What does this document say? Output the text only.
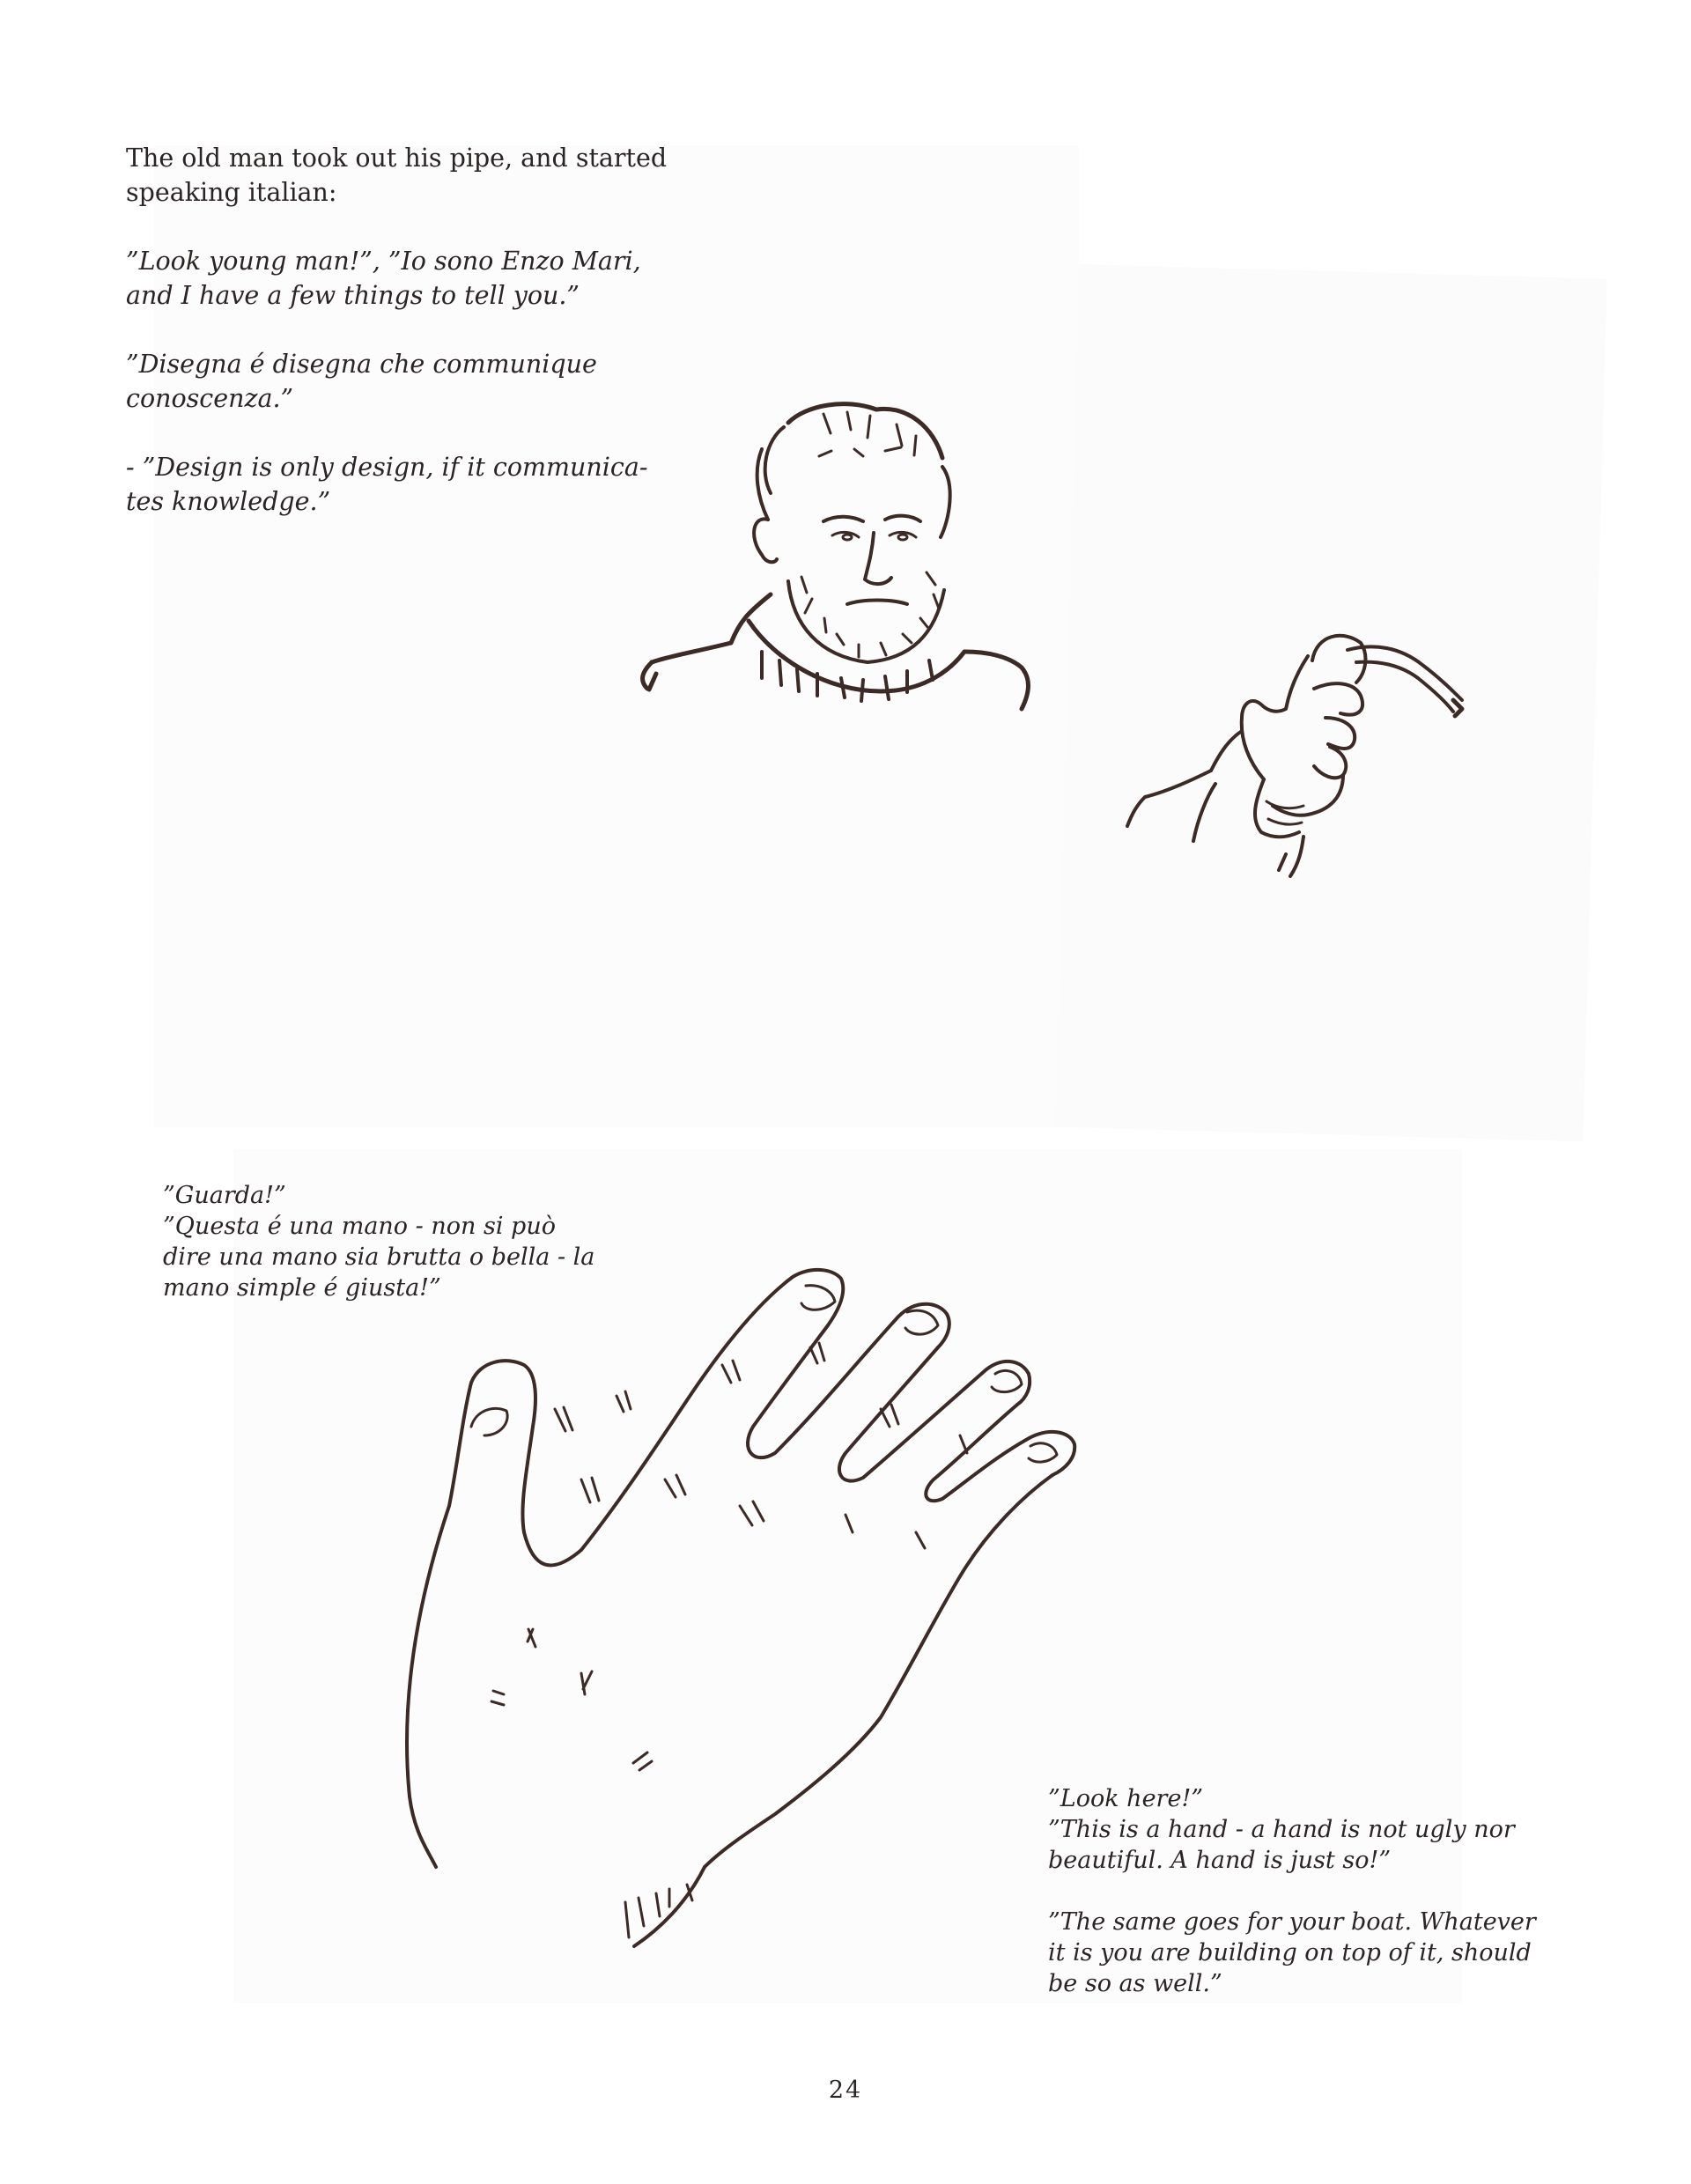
The old man took out his pipe, and started

speaking italian:

”Look young man!”, ”Io sono Enzo Mari,

and I have a few things to tell you.”

”Disegna é disegna che communique

conoscenza.”

- ”Design is only design, if it communica-

tes knowledge.”

”Guarda!”

”Questa é una mano - non si può

dire una mano sia brutta o bella - la

mano simple é giusta!”

”Look here!”

”This is a hand - a hand is not ugly nor

beautiful. A hand is just so!”

”The same goes for your boat. Whatever

it is you are building on top of it, should

be so as well.”

24
